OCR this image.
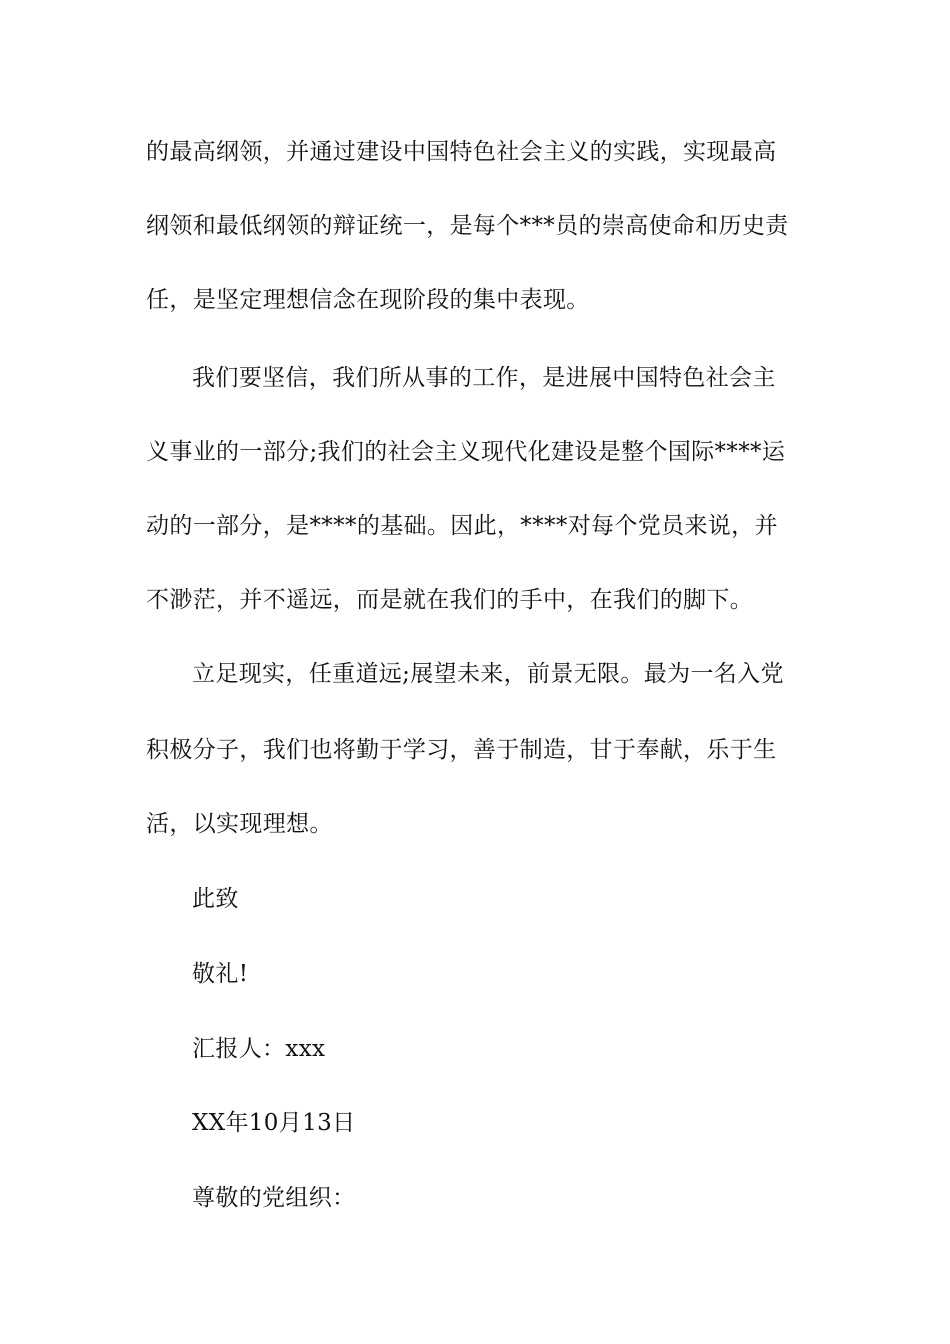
的最高纲领，并通过建设中国特色社会主义的实践，实现最高
纲领和最低纲领的辩证统一，是每个***员的崇高使命和历史责
任，是坚定理想信念在现阶段的集中表现。
我们要坚信，我们所从事的工作，是进展中国特色社会主
义事业的一部分;我们的社会主义现代化建设是整个国际****运
动的一部分，是****的基础。因此，****对每个党员来说，并
不渺茫，并不遥远，而是就在我们的手中，在我们的脚下。
立足现实，任重道远;展望未来，前景无限。最为一名入党
积极分子，我们也将勤于学习，善于制造，甘于奉献，乐于生
活，以实现理想。
此致
敬礼!
汇报人：xxx
XX年10月13日
尊敬的党组织：
